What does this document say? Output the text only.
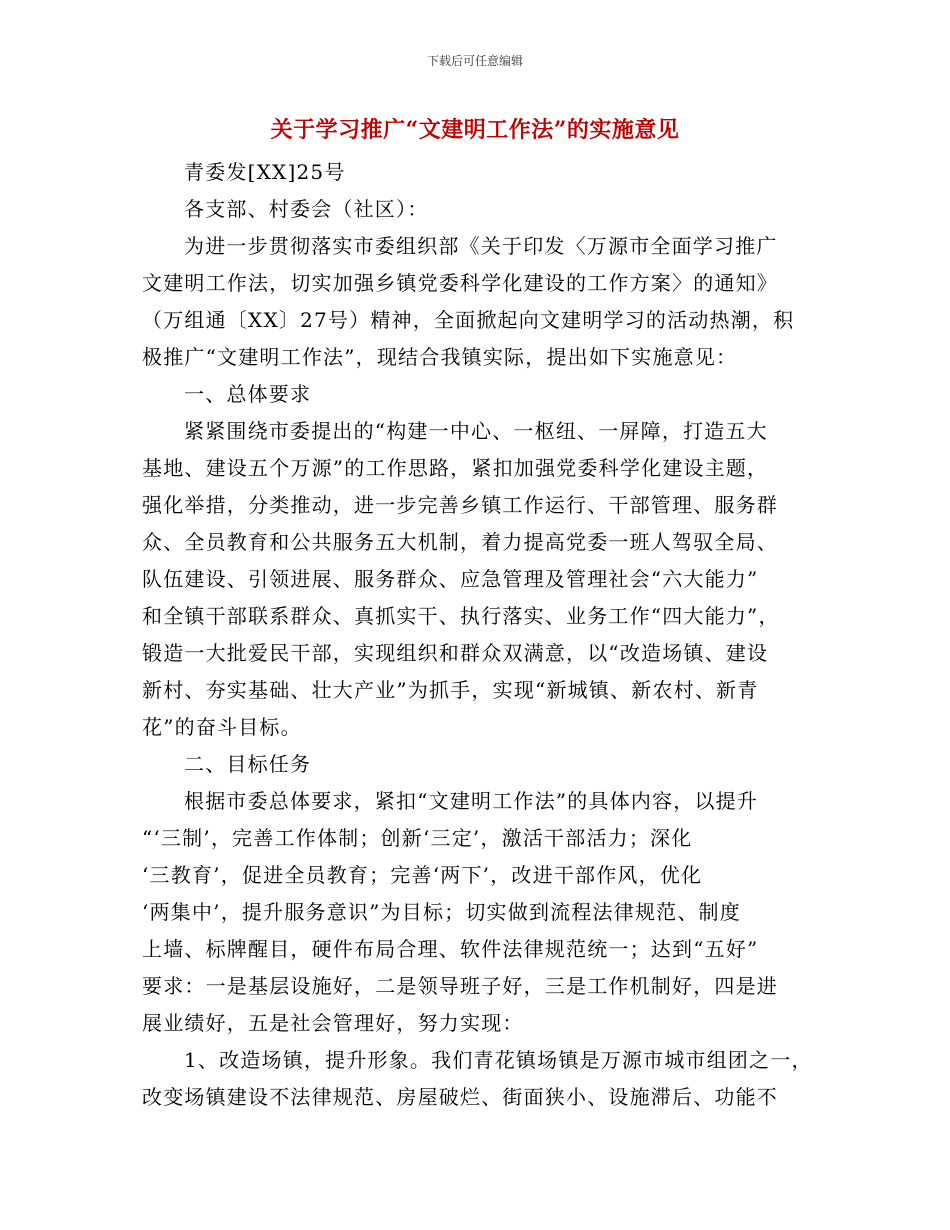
下载后可任意编辑
关于学习推广“文建明工作法”的实施意见

青委发[XX]25号

各支部、村委会（社区）：

为进一步贯彻落实市委组织部《关于印发〈万源市全面学习推广
文建明工作法，切实加强乡镇党委科学化建设的工作方案〉的通知》
（万组通〔XX〕27号）精神，全面掀起向文建明学习的活动热潮，积
极推广“文建明工作法”，现结合我镇实际，提出如下实施意见：

一、总体要求

紧紧围绕市委提出的“构建一中心、一枢纽、一屏障，打造五大
基地、建设五个万源”的工作思路，紧扣加强党委科学化建设主题，
强化举措，分类推动，进一步完善乡镇工作运行、干部管理、服务群
众、全员教育和公共服务五大机制，着力提高党委一班人驾驭全局、
队伍建设、引领进展、服务群众、应急管理及管理社会“六大能力”
和全镇干部联系群众、真抓实干、执行落实、业务工作“四大能力”，
锻造一大批爱民干部，实现组织和群众双满意，以“改造场镇、建设
新村、夯实基础、壮大产业”为抓手，实现“新城镇、新农村、新青
花”的奋斗目标。

二、目标任务

根据市委总体要求，紧扣“文建明工作法”的具体内容，以提升
“‘三制’，完善工作体制；创新‘三定’，激活干部活力；深化
‘三教育’，促进全员教育；完善‘两下’，改进干部作风，优化
‘两集中’，提升服务意识”为目标；切实做到流程法律规范、制度
上墙、标牌醒目，硬件布局合理、软件法律规范统一；达到“五好”
要求：一是基层设施好，二是领导班子好，三是工作机制好，四是进
展业绩好，五是社会管理好，努力实现：

1、改造场镇，提升形象。我们青花镇场镇是万源市城市组团之一，
改变场镇建设不法律规范、房屋破烂、街面狭小、设施滞后、功能不
